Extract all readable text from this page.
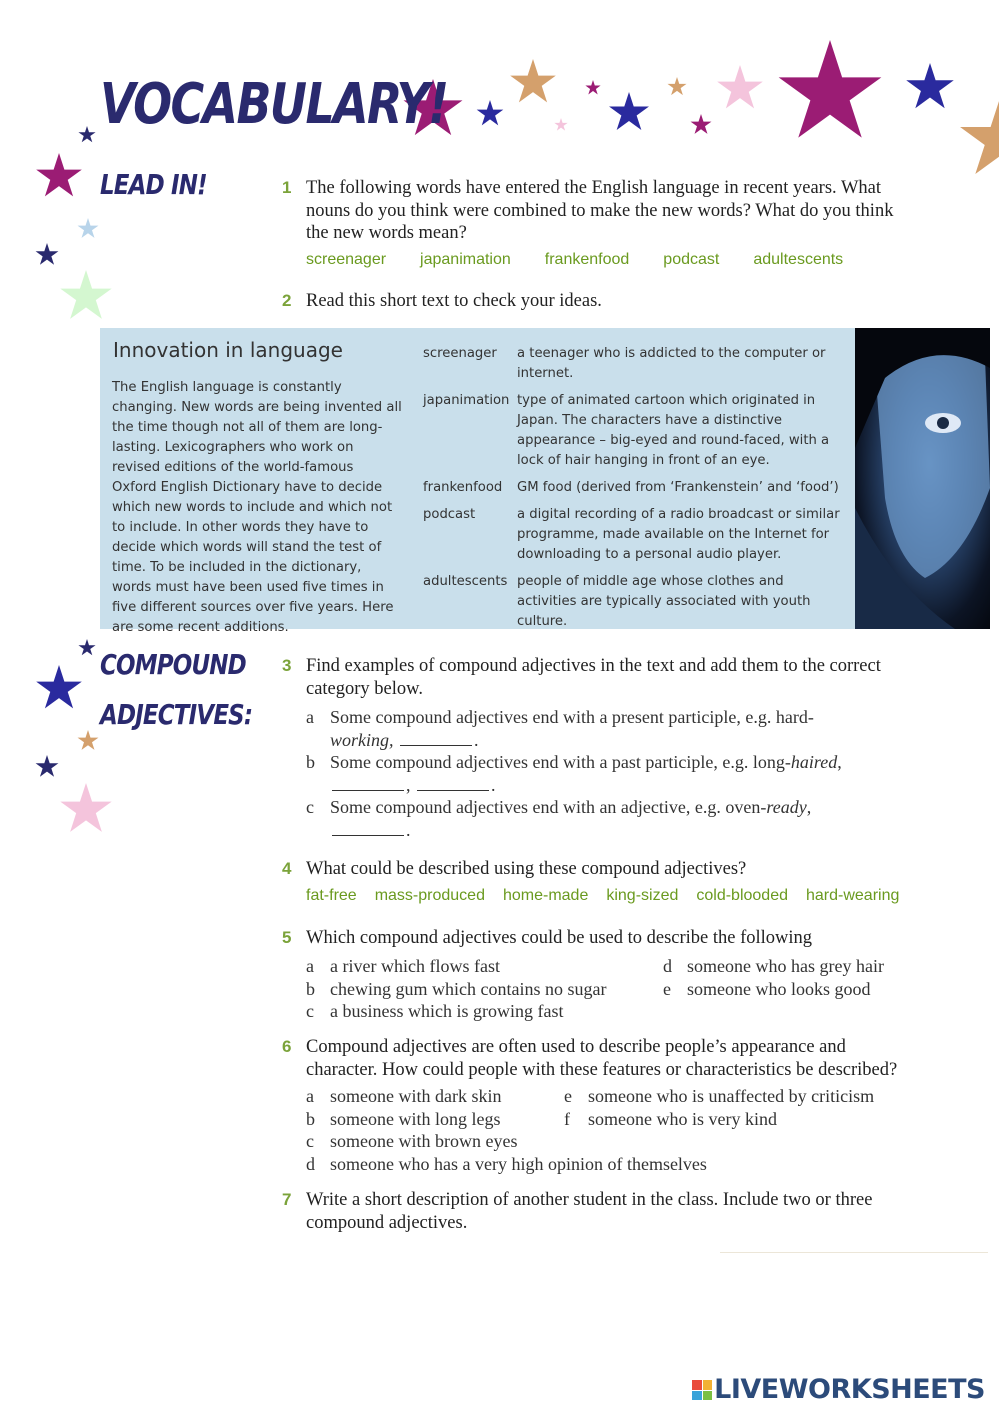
VOCABULARY!
LEAD IN!
COMPOUND
ADJECTIVES:
1 The following words have entered the English language in recent years. What nouns do you think were combined to make the new words? What do you think the new words mean?
screenager japanimation frankenfood podcast adultescents
2 Read this short text to check your ideas.
Innovation in language
The English language is constantly changing. New words are being invented all the time though not all of them are long-lasting. Lexicographers who work on revised editions of the world-famous Oxford English Dictionary have to decide which new words to include and which not to include. In other words they have to decide which words will stand the test of time. To be included in the dictionary, words must have been used five times in five different sources over five years. Here are some recent additions.
screenager	a teenager who is addicted to the computer or internet.
japanimation type of animated cartoon which originated in Japan. The characters have a distinctive appearance – big-eyed and round-faced, with a lock of hair hanging in front of an eye.
frankenfood	GM food (derived from ‘Frankenstein’ and ‘food’)
podcast	a digital recording of a radio broadcast or similar programme, made available on the Internet for downloading to a personal audio player.
adultescents people of middle age whose clothes and activities are typically associated with youth culture.
3 Find examples of compound adjectives in the text and add them to the correct category below.
a Some compound adjectives end with a present participle, e.g. hard-
working,	.
b Some compound adjectives end with a past participle, e.g. long-haired,
,	.
c Some compound adjectives end with an adjective, e.g. oven-ready,
.
4 What could be described using these compound adjectives?
fat-free mass-produced home-made king-sized cold-blooded hard-wearing
5 Which compound adjectives could be used to describe the following
a a river which flows fast
b chewing gum which contains no sugar
c a business which is growing fast
d someone who has grey hair
e someone who looks good
6 Compound adjectives are often used to describe people’s appearance and character. How could people with these features or characteristics be described?
a someone with dark skin
b someone with long legs
c someone with brown eyes
d someone who has a very high opinion of themselves
e someone who is unaffected by criticism
f	someone who is very kind
7 Write a short description of another student in the class. Include two or three compound adjectives.
LIVEWORKSHEETS
